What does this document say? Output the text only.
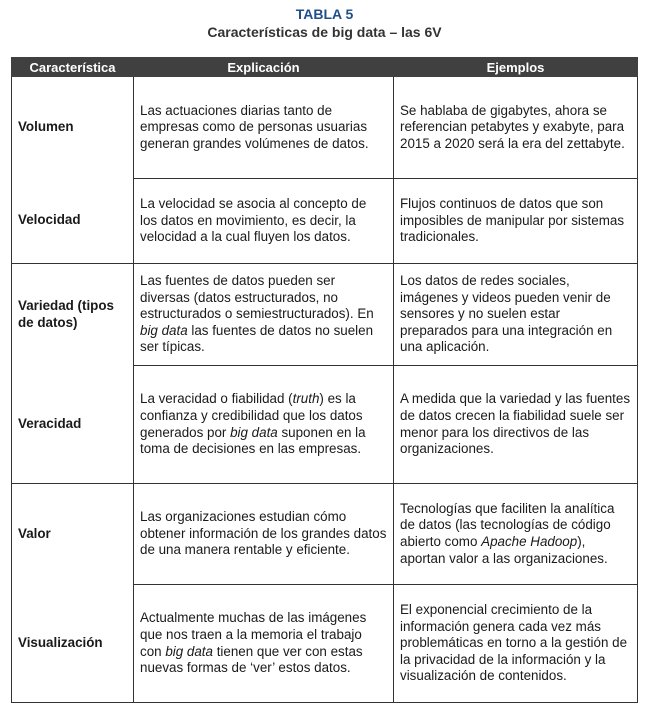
TABLA 5
Características de big data – las 6V
Característica	Explicación	Ejemplos
Volumen	Las actuaciones diarias tanto de empresas como de personas usuarias generan grandes volúmenes de datos.	Se hablaba de gigabytes, ahora se referencian petabytes y exabyte, para 2015 a 2020 será la era del zettabyte.
Velocidad	La velocidad se asocia al concepto de los datos en movimiento, es decir, la velocidad a la cual fluyen los datos.	Flujos continuos de datos que son imposibles de manipular por sistemas tradicionales.
Variedad (tipos de datos)	Las fuentes de datos pueden ser diversas (datos estructurados, no estructurados o semiestructurados). En big data las fuentes de datos no suelen ser típicas.	Los datos de redes sociales, imágenes y videos pueden venir de sensores y no suelen estar preparados para una integración en una aplicación.
Veracidad	La veracidad o fiabilidad (truth) es la confianza y credibilidad que los datos generados por big data suponen en la toma de decisiones en las empresas.	A medida que la variedad y las fuentes de datos crecen la fiabilidad suele ser menor para los directivos de las organizaciones.
Valor	Las organizaciones estudian cómo obtener información de los grandes datos de una manera rentable y eficiente.	Tecnologías que faciliten la analítica de datos (las tecnologías de código abierto como Apache Hadoop), aportan valor a las organizaciones.
Visualización	Actualmente muchas de las imágenes que nos traen a la memoria el trabajo con big data tienen que ver con estas nuevas formas de ‘ver’ estos datos.	El exponencial crecimiento de la información genera cada vez más problemáticas en torno a la gestión de la privacidad de la información y la visualización de contenidos.
